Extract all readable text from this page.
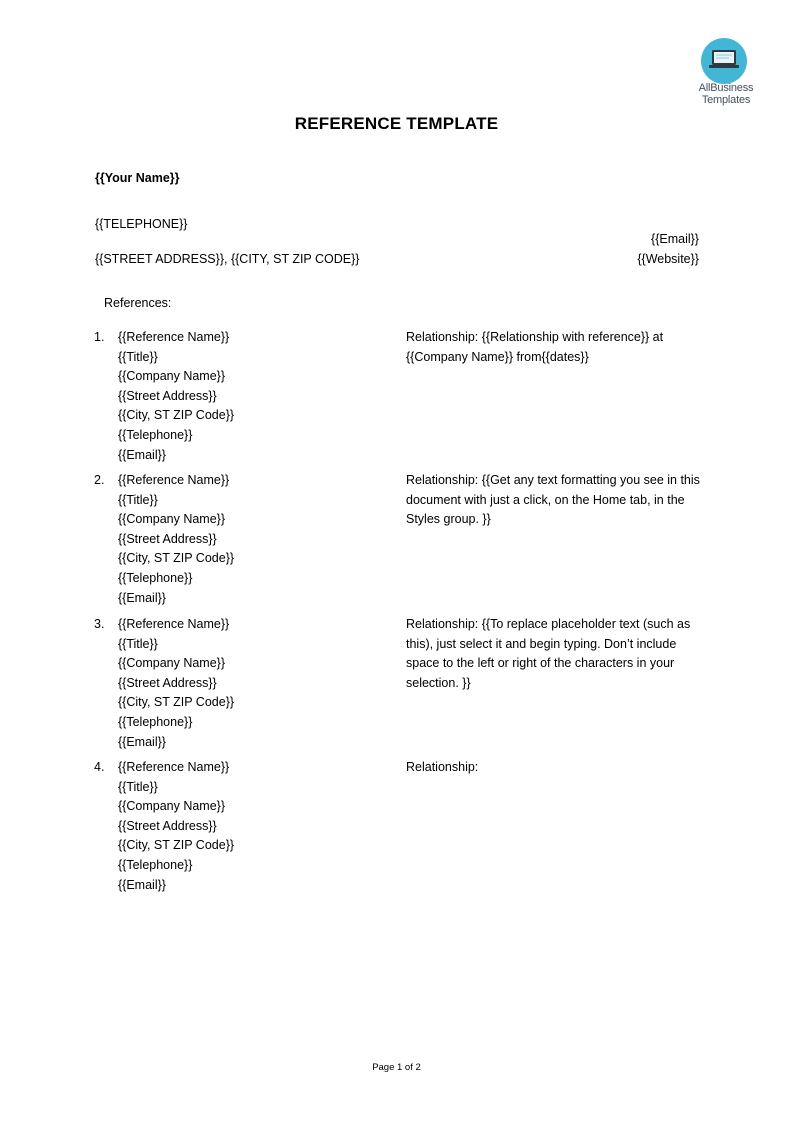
AllBusiness
Templates
REFERENCE TEMPLATE
{{Your Name}}
{{TELEPHONE}}
{{Email}}
{{STREET ADDRESS}}, {{CITY, ST ZIP CODE}}	{{Website}}
References:
1. {{Reference Name}}
{{Title}}
{{Company Name}}
{{Street Address}}
{{City, ST ZIP Code}}
{{Telephone}}
{{Email}}
Relationship: {{Relationship with reference}} at {{Company Name}} from{{dates}}
2. {{Reference Name}}
{{Title}}
{{Company Name}}
{{Street Address}}
{{City, ST ZIP Code}}
{{Telephone}}
{{Email}}
Relationship: {{Get any text formatting you see in this document with just a click, on the Home tab, in the Styles group. }}
3. {{Reference Name}}
{{Title}}
{{Company Name}}
{{Street Address}}
{{City, ST ZIP Code}}
{{Telephone}}
{{Email}}
Relationship: {{To replace placeholder text (such as this), just select it and begin typing. Don’t include space to the left or right of the characters in your selection. }}
4. {{Reference Name}}
{{Title}}
{{Company Name}}
{{Street Address}}
{{City, ST ZIP Code}}
{{Telephone}}
{{Email}}
Relationship:
Page 1 of 2
